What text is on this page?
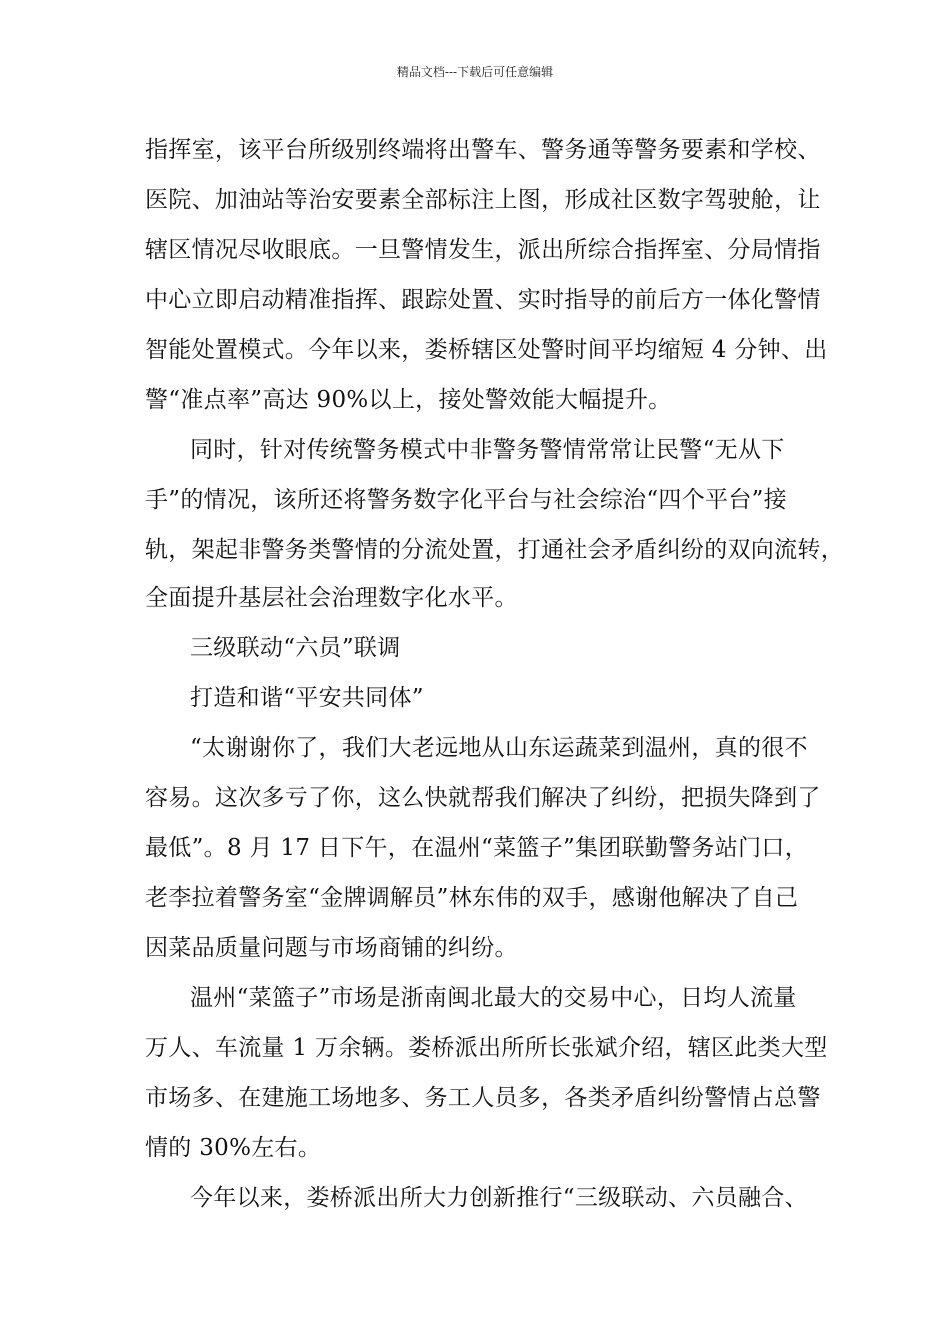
精品文档---下载后可任意编辑
指挥室，该平台所级别终端将出警车、警务通等警务要素和学校、
医院、加油站等治安要素全部标注上图，形成社区数字驾驶舱，让
辖区情况尽收眼底。一旦警情发生，派出所综合指挥室、分局情指
中心立即启动精准指挥、跟踪处置、实时指导的前后方一体化警情
智能处置模式。今年以来，娄桥辖区处警时间平均缩短 4 分钟、出
警“准点率”高达 90%以上，接处警效能大幅提升。
同时，针对传统警务模式中非警务警情常常让民警“无从下
手”的情况，该所还将警务数字化平台与社会综治“四个平台”接
轨，架起非警务类警情的分流处置，打通社会矛盾纠纷的双向流转，
全面提升基层社会治理数字化水平。
三级联动“六员”联调
打造和谐“平安共同体”
“太谢谢你了，我们大老远地从山东运蔬菜到温州，真的很不
容易。这次多亏了你，这么快就帮我们解决了纠纷，把损失降到了
最低”。8 月 17 日下午，在温州“菜篮子”集团联勤警务站门口，
老李拉着警务室“金牌调解员”林东伟的双手，感谢他解决了自己
因菜品质量问题与市场商铺的纠纷。
温州“菜篮子”市场是浙南闽北最大的交易中心，日均人流量
万人、车流量 1 万余辆。娄桥派出所所长张斌介绍，辖区此类大型
市场多、在建施工场地多、务工人员多，各类矛盾纠纷警情占总警
情的 30%左右。
今年以来，娄桥派出所大力创新推行“三级联动、六员融合、
